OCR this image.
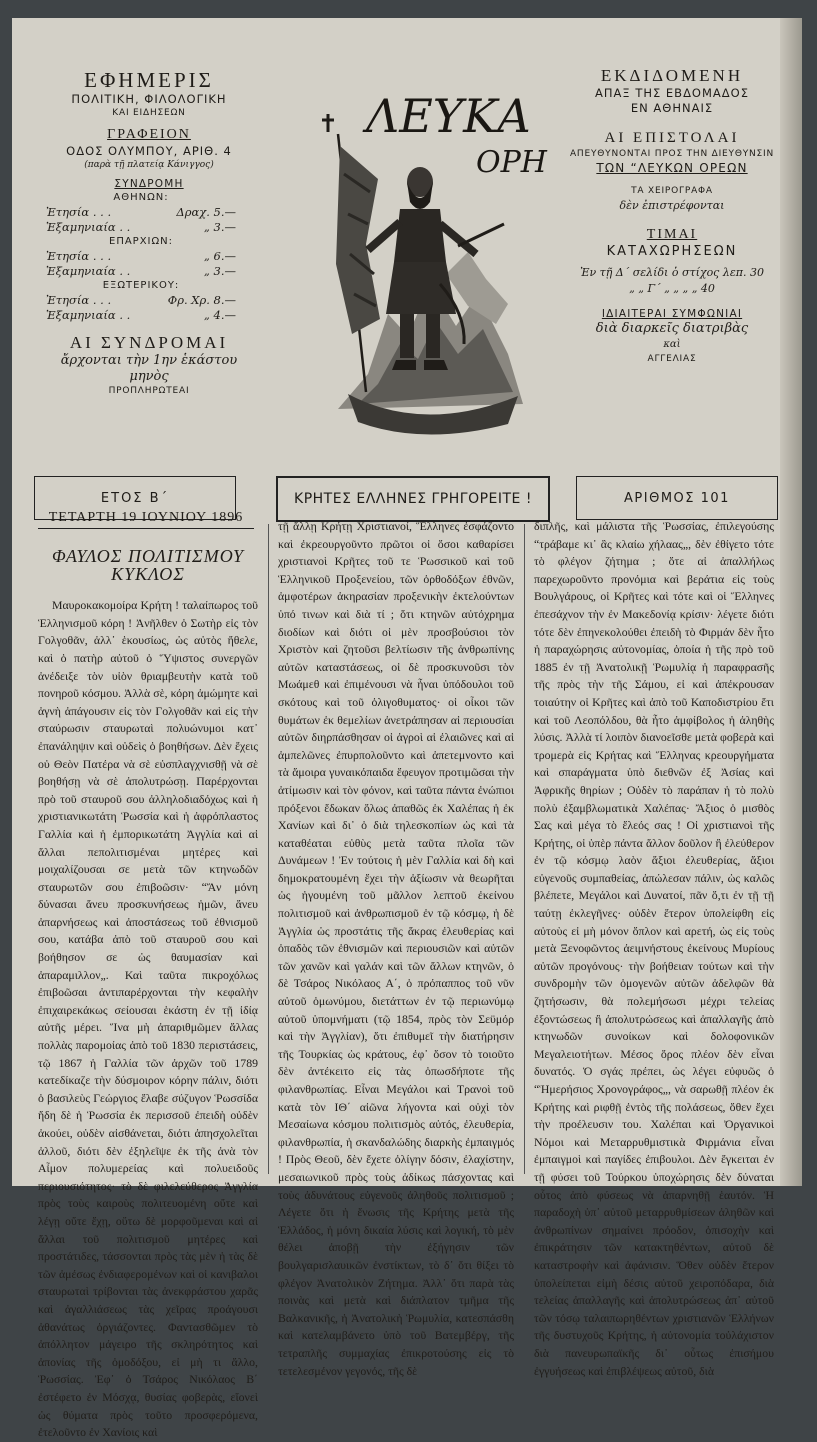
ΕΦΗΜΕΡΙΣ
ΠΟΛΙΤΙΚΗ, ΦΙΛΟΛΟΓΙΚΗ
ΚΑΙ ΕΙΔΗΣΕΩΝ
ΓΡΑΦΕΙΟΝ
ΟΔΟΣ ΟΛΥΜΠΟΥ, ΑΡΙΘ. 4
(παρὰ τῇ πλατείᾳ Κάνιγγος)
ΣΥΝΔΡΟΜΗ
ΑΘΗΝΩΝ:
Ἐτησία . . .	Δραχ. 5.—
Ἑξαμηνιαία . .	„ 3.—
ΕΠΑΡΧΙΩΝ:
Ἐτησία . . .	„ 6.—
Ἑξαμηνιαία . .	„ 3.—
ΕΞΩΤΕΡΙΚΟΥ:
Ἐτησία . . .	Φρ. Χρ. 8.—
Ἑξαμηνιαία . .	„ 4.—
ΑΙ ΣΥΝΔΡΟΜΑΙ
ἄρχονται τὴν 1ην ἑκάστου
μηνὸς
ΠΡΟΠΛΗΡΩΤΕΑΙ
ΛΕΥΚΑ
ΟΡΗ
ΕΚΔΙΔΟΜΕΝΗ
ΑΠΑΞ ΤΗΣ ΕΒΔΟΜΑΔΟΣ
ΕΝ ΑΘΗΝΑΙΣ
ΑΙ ΕΠΙΣΤΟΛΑΙ
ΑΠΕΥΘΥΝΟΝΤΑΙ ΠΡΟΣ ΤΗΝ ΔΙΕΥΘΥΝΣΙΝ
ΤΩΝ “ΛΕΥΚΩΝ ΟΡΕΩΝ
ΤΑ ΧΕΙΡΟΓΡΑΦΑ
δὲν ἐπιστρέφονται
ΤΙΜΑΙ
ΚΑΤΑΧΩΡΗΣΕΩΝ
Ἐν τῇ Δ΄ σελίδι ὁ στίχος λεπ. 30
„ „ Γ΄ „ „ „ „ 40
ΙΔΙΑΙΤΕΡΑΙ ΣΥΜΦΩΝΙΑΙ
διὰ διαρκεῖς διατριβὰς
καὶ
ΑΓΓΕΛΙΑΣ
ΕΤΟΣ Β΄	ΚΡΗΤΕΣ ΕΛΛΗΝΕΣ ΓΡΗΓΟΡΕΙΤΕ !	ΑΡΙΘΜΟΣ 101
ΤΕΤΑΡΤΗ 19 ΙΟΥΝΙΟΥ 1896
ΦΑΥΛΟΣ ΠΟΛΙΤΙΣΜΟΥ ΚΥΚΛΟΣ

Μαυροκακομοίρα Κρήτη ! ταλαίπωρος τοῦ Ἑλληνισμοῦ κόρη ! Ἀνῆλθεν ὁ Σωτὴρ εἰς τὸν Γολγοθᾶν, ἀλλ᾿ ἑκουσίως, ὡς αὐτὸς ἤθελε, καὶ ὁ πατὴρ αὐτοῦ ὁ Ὕψιστος συνεργῶν ἀνέδειξε τὸν υἱὸν θριαμβευτὴν κατὰ τοῦ πονηροῦ κόσμου. Ἀλλὰ σὲ, κόρη ἀμώμητε καὶ ἁγνὴ ἀπάγουσιν εἰς τὸν Γολγοθᾶν καὶ εἰς τὴν σταύρωσιν σταυρωταὶ πολυώνυμοι κατ᾿ ἐπανάληψιν καὶ οὐδεὶς ὁ βοηθήσων. Δὲν ἔχεις οὐ Θεὸν Πατέρα νὰ σὲ εὐσπλαγχνισθῇ νὰ σὲ βοηθήσῃ νὰ σὲ ἀπολυτρώσῃ. Παρέρχονται πρὸ τοῦ σταυροῦ σου ἀλληλοδιαδόχως καὶ ἡ χριστιανικωτάτη Ῥωσσία καὶ ἡ ἀφρόπλαστος Γαλλία καὶ ἡ ἐμπορικωτάτη Ἀγγλία καὶ αἱ ἄλλαι πεπολιτισμέναι μητέρες καὶ μοιχαλίζουσαι σε μετὰ τῶν κτηνωδῶν σταυρωτῶν σου ἐπιβοῶσιν· “Ἄν μόνη δύνασαι ἄνευ προσκυνήσεως ἡμῶν, ἄνευ ἀπαρνήσεως καὶ ἀποστάσεως τοῦ ἐθνισμοῦ σου, κατάβα ἀπὸ τοῦ σταυροῦ σου καὶ βοήθησον σε ὡς θαυμασίαν καὶ ἀπαραμιλλον„. Καὶ ταῦτα πικροχόλως ἐπιβοῶσαι ἀντιπαρέρχονται τὴν κεφαλὴν ἐπιχαιρεκάκως σείουσαι ἑκάστη ἐν τῇ ἰδίᾳ αὐτῆς μέρει. Ἵνα μὴ ἀπαριθμῶμεν ἄλλας πολλὰς παρομοίας ἀπὸ τοῦ 1830 περιστάσεις, τῷ 1867 ἡ Γαλλία τῶν ἀρχῶν τοῦ 1789 κατεδίκαζε τὴν δύσμοιρον κόρην πάλιν, διότι ὁ βασιλεὺς Γεώργιος ἔλαβε σύζυγον Ῥωσσίδα ἤδη δὲ ἡ Ῥωσσία ἐκ περισσοῦ ἐπειδὴ οὐδὲν ἀκούει, οὐδὲν αἰσθάνεται, διότι ἀπησχολεῖται ἀλλοῦ, διότι δὲν ἐξηλεῖψε ἐκ τῆς ἀνὰ τὸν Αἶμον πολυμερείας καὶ πολυειδοῦς περιουσιότητος· τὸ δὲ φιλελεύθερος Ἀγγλία πρὸς τοὺς καιροὺς πολιτευομένη οὔτε καὶ λέγῃ οὔτε ἔχῃ, οὕτω δὲ μορφοῦμεναι καὶ αἱ ἄλλαι τοῦ πολιτισμοῦ μητέρες καὶ προστάτιδες, τάσσονται πρὸς τὰς μὲν ἡ τὰς δὲ τῶν ἀμέσως ἐνδιαφερομένων καὶ οἱ κανιβαλοι σταυρωταὶ τρίβονται τὰς ἀνεκφράστου χαρᾶς καὶ ἀγαλλιάσεως τὰς χεῖρας προάγουσι ἀθανάτως ὀργιάζοντες. Φαντασθῶμεν τὸ ἀπόλλητον μάγειρο τῆς σκληρότητος καὶ ἀπονίας τῆς ὁμοδόξου, εἰ μὴ τι ἄλλο, Ῥωσσίας. Ἐφ᾿ ὁ Τσάρος Νικόλαος Β΄ ἐστέφετο ἐν Μόσχᾳ, θυσίας φοβερὰς, εἴονεὶ ὡς θύματα πρὸς τοῦτο προσφερόμενα, ἐτελοῦντο ἐν Χανίοις καὶ

τῇ ἄλλῃ Κρήτῃ Χριστιανοί, Ἕλληνες ἐσφάζοντο καὶ ἐκρεουργοῦντο πρῶτοι οἱ ὅσοι καθαρίσει χριστιανοὶ Κρῆτες τοῦ τε Ῥωσσικοῦ καὶ τοῦ Ἑλληνικοῦ Προξενείου, τῶν ὀρθοδόξων ἐθνῶν, ἀμφοτέρων ἀκηρασίαν προξενικὴν ἐκτελούντων ὑπό τινων καὶ διὰ τί ; ὅτι κτηνῶν αὐτόχρημα διοδίων καὶ διότι οἱ μὲν προσβούσιοι τὸν Χριστὸν καὶ ζητοῦσι βελτίωσιν τῆς ἀνθρωπίνης αὐτῶν καταστάσεως, οἱ δὲ προσκυνοῦσι τὸν Μωάμεθ καὶ ἐπιμένουσι νὰ ἦναι ὑπόδουλοι τοῦ σκότους καὶ τοῦ ὀλιγοθυματος· οἱ οἶκοι τῶν θυμάτων ἐκ θεμελίων ἀνετράπησαν αἱ περιουσίαι αὐτῶν διηρπάσθησαν οἱ ἀγροὶ αἱ ἐλαιῶνες καὶ αἱ ἀμπελῶνες ἐπυρπολοῦντο καὶ ἀπετεμνοντο καὶ τὰ ἄμοιρα γυναικόπαιδα ἔφευγον προτιμῶσαι τὴν ἀτίμωσιν καὶ τὸν φόνον, καὶ ταῦτα πάντα ἐνώπιοι πρόξενοι ἔδωκαν ὅλως ἀπαθῶς ἐκ Χαλέπας ἡ ἐκ Χανίων καὶ δι᾿ ὁ διὰ τηλεσκοπίων ὡς καὶ τὰ καταθέαται εὐθὺς μετὰ ταῦτα πλοῖα τῶν Δυνάμεων ! Ἐν τούτοις ἡ μὲν Γαλλία καὶ δὴ καὶ δημοκρατουμένη ἔχει τὴν ἀξίωσιν νὰ θεωρῆται ὡς ἡγουμένη τοῦ μᾶλλον λεπτοῦ ἐκείνου πολιτισμοῦ καὶ ἀνθρωπισμοῦ ἐν τῷ κόσμῳ, ἡ δὲ Ἀγγλία ὡς προστάτις τῆς ἄκρας ἐλευθερίας καὶ ὀπαδὸς τῶν ἐθνισμῶν καὶ περιουσιῶν καὶ αὐτῶν τῶν χανῶν καὶ γαλάν καὶ τῶν ἄλλων κτηνῶν, ὁ δὲ Τσάρος Νικόλαος Α΄, ὁ πρόπαππος τοῦ νῦν αὐτοῦ ὁμωνύμου, διετάττων ἐν τῷ περιωνύμῳ αὐτοῦ ὑπομνήματι (τῷ 1854, πρὸς τὸν Σεϋμόρ καὶ τὴν Ἀγγλίαν), ὅτι ἐπιθυμεῖ τὴν διατήρησιν τῆς Τουρκίας ὡς κράτους, ἐφ᾿ ὅσον τὸ τοιοῦτο δὲν ἀντέκειτο εἰς τὰς ὁπωσδήποτε τῆς φιλανθρωπίας. Εἶναι Μεγάλοι καὶ Τρανοὶ τοῦ κατὰ τὸν ΙΘ΄ αἰῶνα λήγοντα καὶ οὐχὶ τὸν Μεσαίωνα κόσμου πολιτισμὸς αὐτός, ἐλευθερία, φιλανθρωπία, ἡ σκανδαλώδης διαρκὴς ἐμπαιγμός ! Πρὸς Θεοῦ, δὲν ἔχετε ὀλίγην δόσιν, ἐλαχίστην, μεσαιωνικοῦ πρὸς τοὺς ἀδίκως πάσχοντας καὶ τοὺς ἀδυνάτους εὐγενοῦς ἀληθοῦς πολιτισμοῦ ; Λέγετε ὅτι ἡ ἕνωσις τῆς Κρήτης μετὰ τῆς Ἑλλάδος, ἡ μόνη δικαία λύσις καὶ λογική, τὸ μὲν θέλει ἀποβῇ τὴν ἐξήγησιν τῶν βουλγαρισλαυικῶν ἐνστίκτων, τὸ δ᾿ ὅτι θίξει τὸ φλέγον Ἀνατολικὸν Ζήτημα. Ἀλλ᾿ ὅτι παρὰ τὰς ποινὰς καὶ μετὰ καὶ διάπλατον τμῆμα τῆς Βαλκανικῆς, ἡ Ἀνατολικὴ Ῥωμυλία, κατεσπάσθη καὶ κατελαμβάνετο ὑπὸ τοῦ Βατεμβέργ, τῆς τετραπλῆς συμμαχίας ἐπικροτούσης εἰς τὸ τετελεσμένον γεγονός, τῆς δὲ

διπλῆς, καὶ μάλιστα τῆς Ῥωσσίας, ἐπιλεγούσης “τράβαμε κι᾿ ἃς κλαίω χήλαας„, δὲν ἐθίγετο τότε τὸ φλέγον ζήτημα ; ὅτε αἱ ἀπαλλήλως παρεχωροῦντο προνόμια καὶ βεράτια εἰς τοὺς Βουλγάρους, οἱ Κρῆτες καὶ τότε καὶ οἱ Ἕλληνες ἐπεσάχνον τὴν ἐν Μακεδονίᾳ κρίσιν· λέγετε διότι τότε δὲν ἐπηνεκολούθει ἐπειδὴ τὸ Φιρμάν δὲν ἦτο ἡ παραχώρησις αὐτονομίας, ὁποία ἡ τῆς πρὸ τοῦ 1885 ἐν τῇ Ἀνατολικῇ Ῥωμυλίᾳ ἡ παραφρασῆς τῆς πρὸς τὴν τῆς Σάμου, εἰ καὶ ἀπέκρουσαν τοιαύτην οἱ Κρῆτες καὶ ἀπὸ τοῦ Καποδιστρίου ἔτι καὶ τοῦ Λεοπόλδου, θὰ ἦτο ἀμφίβολος ἡ ἀληθὴς λύσις. Ἀλλὰ τί λοιπὸν διανοεῖσθε μετὰ φοβερὰ καὶ τρομερὰ εἰς Κρήτας καὶ Ἕλληνας κρεουργήματα καὶ σπαράγματα ὑπὸ διεθνῶν ἐξ Ἀσίας καὶ Ἀφρικῆς θηρίων ; Οὐδὲν τὸ παράπαν ἡ τὸ πολὺ πολὺ ἐξαμβλωματικὰ Χαλέπας· Ἄξιος ὁ μισθὸς Σας καὶ μέγα τὸ ἔλεός σας ! Οἱ χριστιανοὶ τῆς Κρήτης, οἱ ὑπὲρ πάντα ἄλλον δοῦλον ἢ ἐλεύθερον ἐν τῷ κόσμῳ λαὸν ἄξιοι ἐλευθερίας, ἄξιοι εὐγενοῦς συμπαθείας, ἀπώλεσαν πάλιν, ὡς καλῶς βλέπετε, Μεγάλοι καὶ Δυνατοί, πᾶν ὅ,τι ἐν τῇ τῇ ταύτῃ ἐκλεγῆνες· οὐδὲν ἕτερον ὑπολείφθη εἰς αὐτοὺς εἰ μὴ μόνον ὅπλον καὶ αρετή, ὡς εἰς τοὺς μετὰ Ξενοφῶντος ἀειμνήστους ἐκείνους Μυρίους αὐτῶν προγόνους· τὴν βοήθειαν τούτων καὶ τὴν συνδρομὴν τῶν ὁμογενῶν αὐτῶν ἀδελφῶν θὰ ζητήσωσιν, θὰ πολεμήσωσι μέχρι τελείας ἐξοντώσεως ἢ ἀπολυτρώσεως καὶ ἀπαλλαγῆς ἀπὸ κτηνωδῶν συνοίκων καὶ δολοφονικῶν Μεγαλειοτήτων. Μέσος ὅρος πλέον δὲν εἶναι δυνατός. Ὁ σγάς πρέπει, ὡς λέγει εὐφυῶς ὁ “Ἡμερήσιος Χρονογράφος„, νὰ σαρωθῇ πλέον ἐκ Κρήτης καὶ ριφθῇ ἐντὸς τῆς πολάσεως, ὅθεν ἔχει τὴν προέλευσιν του. Χαλέπαι καὶ Ὀργανικοὶ Νόμοι καὶ Μεταρρυθμιστικὰ Φιρμάνια εἶναι ἐμπαιγμοὶ καὶ παγίδες ἐπιβουλοι. Δὲν ἔγκειται ἐν τῇ φύσει τοῦ Τούρκου ὑποχώρησις δὲν δύναται οὗτος ἀπὸ φύσεως νὰ ἀπαρνηθῇ ἑαυτόν. Ἡ παραδοχὴ ὑπ᾿ αὐτοῦ μεταρρυθμίσεων ἀληθῶν καὶ ἀνθρωπίνων σημαίνει πρόοδον, ὁπισοχὴν καὶ ἐπικράτησιν τῶν κατακτηθέντων, αὐτοῦ δὲ καταστροφὴν καὶ ἀφάνισιν. Ὅθεν οὐδὲν ἕτερον ὑπολείπεται εἰμὴ δέσις αὐτοῦ χειροπόδαρα, διὰ τελείας ἀπαλλαγῆς καὶ ἀπολυτρώσεως ἀπ᾿ αὐτοῦ τῶν τόσῳ ταλαιπωρηθέντων χριστιανῶν Ἑλλήνων τῆς δυστυχοῦς Κρήτης, ἡ αὐτονομία τοὐλάχιστον διὰ πανευρωπαϊκῆς δι᾿ οὗτως ἐπισήμου ἐγγυήσεως καὶ ἐπιβλέψεως αὐτοῦ, διὰ
